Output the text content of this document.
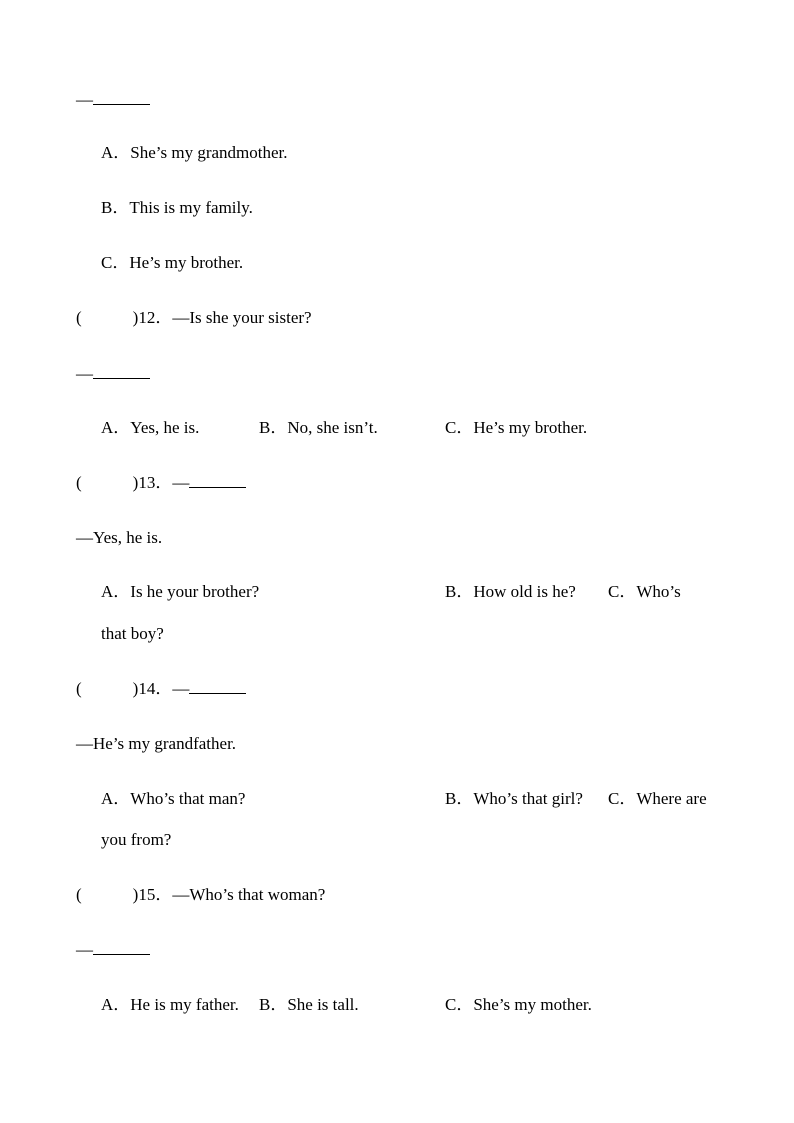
—
A．She’s my grandmother.
B．This is my family.
C．He’s my brother.
(　　　)12．—Is she your sister?
—
A．Yes, he is.	B．No, she isn’t.	C．He’s my brother.
(　　　)13．—
—Yes, he is.
A．Is he your brother?	B．How old is he? C．Who’s
that boy?
(　　　)14．—
—He’s my grandfather.
A．Who’s that man?	B．Who’s that girl? C．Where are
you from?
(　　　)15．—Who’s that woman?
—
A．He is my father. B．She is tall.	C．She’s my mother.
